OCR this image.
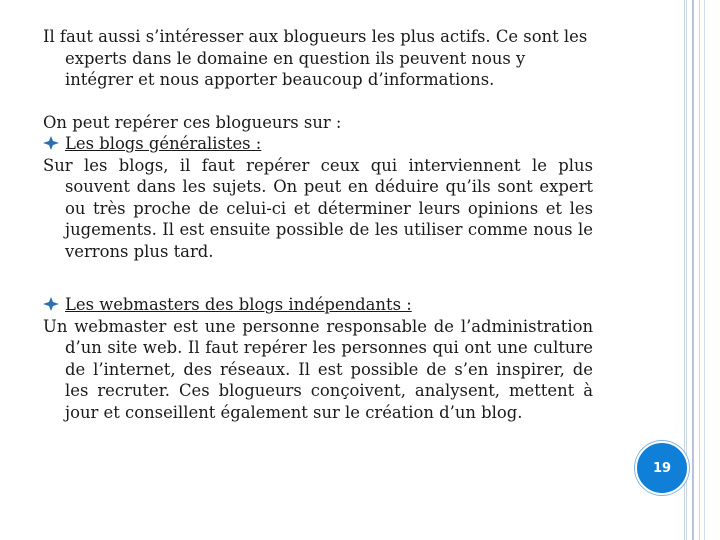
Il faut aussi s’intéresser aux blogueurs les plus actifs. Ce sont les experts dans le domaine en question ils peuvent nous y intégrer et nous apporter beaucoup d’informations.

On peut repérer ces blogueurs sur :

Les blogs généralistes :

Sur les blogs, il faut repérer ceux qui interviennent le plus souvent dans les sujets. On peut en déduire qu’ils sont expert ou très proche de celui-ci et déterminer leurs opinions et les jugements. Il est ensuite possible de les utiliser comme nous le verrons plus tard.

Les webmasters des blogs indépendants :

Un webmaster est une personne responsable de l’administration d’un site web. Il faut repérer les personnes qui ont une culture de l’internet, des réseaux. Il est possible de s’en inspirer, de les recruter. Ces blogueurs conçoivent, analysent, mettent à jour et conseillent également sur le création d’un blog.

19
